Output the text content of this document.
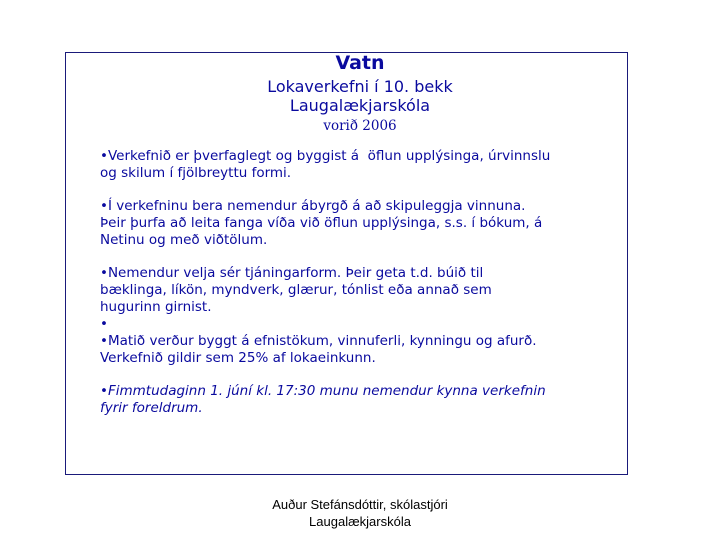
Vatn
Lokaverkefni í 10. bekk
Laugalækjarskóla
vorið 2006

•Verkefnið er þverfaglegt og byggist á  öflun upplýsinga, úrvinnslu

og skilum í fjölbreyttu formi.

•Í verkefninu bera nemendur ábyrgð á að skipuleggja vinnuna.

Þeir þurfa að leita fanga víða við öflun upplýsinga, s.s. í bókum, á

Netinu og með viðtölum.

•Nemendur velja sér tjáningarform. Þeir geta t.d. búið til

bæklinga, líkön, myndverk, glærur, tónlist eða annað sem

hugurinn girnist.

•

•Matið verður byggt á efnistökum, vinnuferli, kynningu og afurð.

Verkefnið gildir sem 25% af lokaeinkunn.

•Fimmtudaginn 1. júní kl. 17:30 munu nemendur kynna verkefnin

fyrir foreldrum.

Auður Stefánsdóttir, skólastjóri
Laugalækjarskóla
